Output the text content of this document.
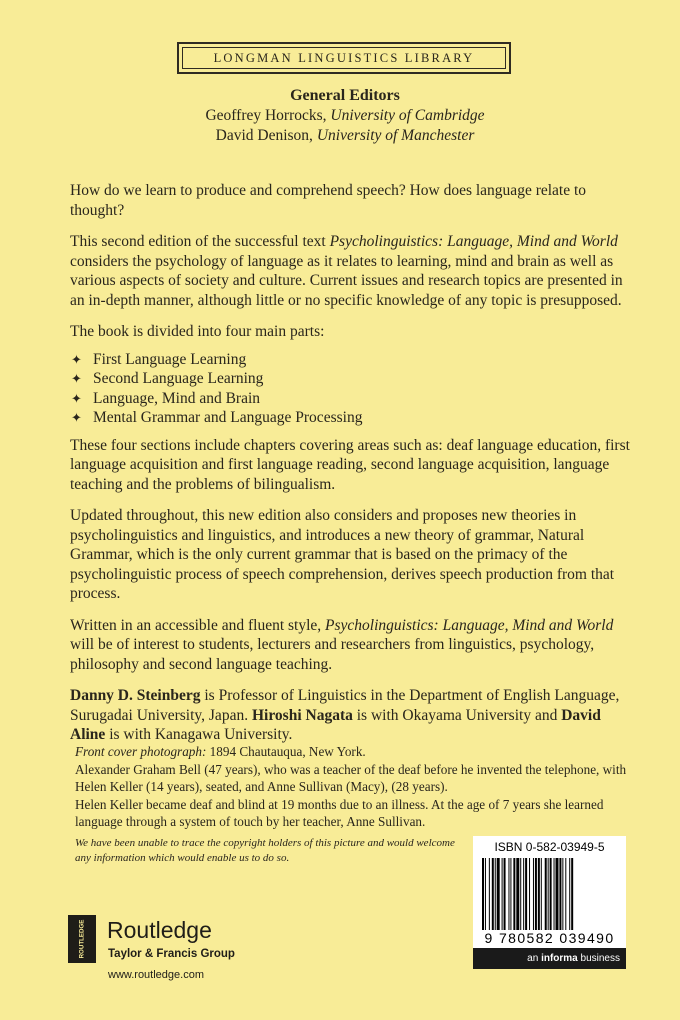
LONGMAN LINGUISTICS LIBRARY
General Editors
Geoffrey Horrocks, University of Cambridge
David Denison, University of Manchester

How do we learn to produce and comprehend speech? How does language relate to thought?

This second edition of the successful text Psycholinguistics: Language, Mind and World considers the psychology of language as it relates to learning, mind and brain as well as various aspects of society and culture. Current issues and research topics are presented in an in-depth manner, although little or no specific knowledge of any topic is presupposed.

The book is divided into four main parts:

✦ First Language Learning
✦ Second Language Learning
✦ Language, Mind and Brain
✦ Mental Grammar and Language Processing

These four sections include chapters covering areas such as: deaf language education, first language acquisition and first language reading, second language acquisition, language teaching and the problems of bilingualism.

Updated throughout, this new edition also considers and proposes new theories in psycholinguistics and linguistics, and introduces a new theory of grammar, Natural Grammar, which is the only current grammar that is based on the primacy of the psycholinguistic process of speech comprehension, derives speech production from that process.

Written in an accessible and fluent style, Psycholinguistics: Language, Mind and World will be of interest to students, lecturers and researchers from linguistics, psychology, philosophy and second language teaching.

Danny D. Steinberg is Professor of Linguistics in the Department of English Language, Surugadai University, Japan. Hiroshi Nagata is with Okayama University and David Aline is with Kanagawa University.

Front cover photograph: 1894 Chautauqua, New York.
Alexander Graham Bell (47 years), who was a teacher of the deaf before he invented the telephone, with Helen Keller (14 years), seated, and Anne Sullivan (Macy), (28 years).
Helen Keller became deaf and blind at 19 months due to an illness. At the age of 7 years she learned language through a system of touch by her teacher, Anne Sullivan.
We have been unable to trace the copyright holders of this picture and would welcome any information which would enable us to do so.
ISBN 0-582-03949-5
9 780582 039490
an informa business
ROUTLEDGE Routledge
Taylor & Francis Group
www.routledge.com
